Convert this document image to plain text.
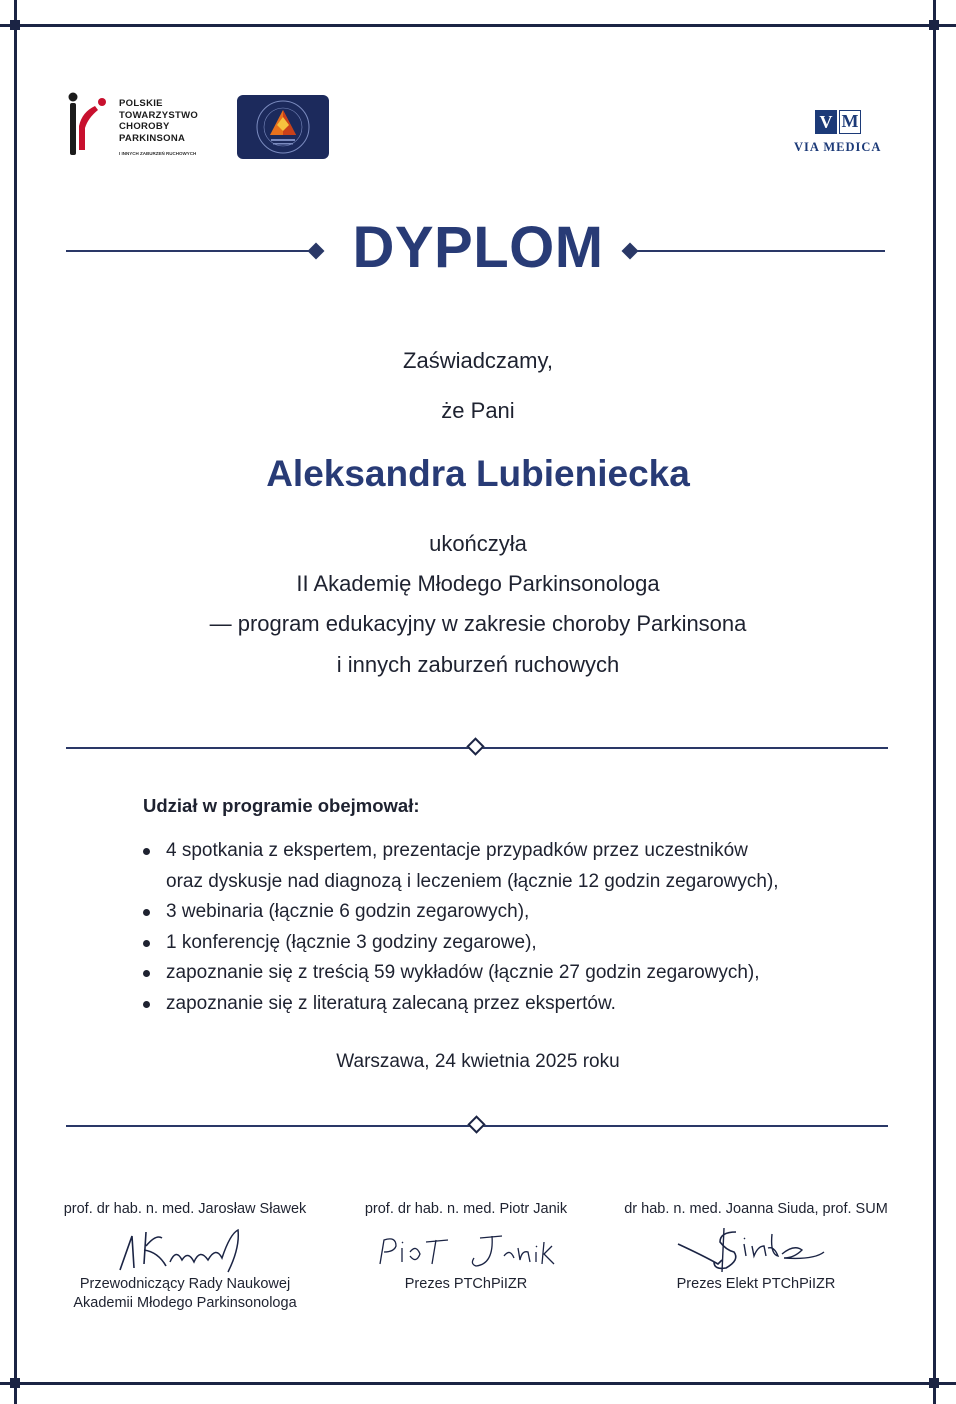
POLSKIE
TOWARZYSTWO
CHOROBY
PARKINSONA
I INNYCH ZABURZEŃ RUCHOWYCH
V M
VIA MEDICA
DYPLOM
Zaświadczamy,
że Pani
Aleksandra Lubieniecka
ukończyła
II Akademię Młodego Parkinsonologa
— program edukacyjny w zakresie choroby Parkinsona
i innych zaburzeń ruchowych
Udział w programie obejmował:
4 spotkania z ekspertem, prezentacje przypadków przez uczestników
oraz dyskusje nad diagnozą i leczeniem (łącznie 12 godzin zegarowych),
3 webinaria (łącznie 6 godzin zegarowych),
1 konferencję (łącznie 3 godziny zegarowe),
zapoznanie się z treścią 59 wykładów (łącznie 27 godzin zegarowych),
zapoznanie się z literaturą zalecaną przez ekspertów.
Warszawa, 24 kwietnia 2025 roku
prof. dr hab. n. med. Jarosław Sławek	prof. dr hab. n. med. Piotr Janik	dr hab. n. med. Joanna Siuda, prof. SUM
Przewodniczący Rady Naukowej
Akademii Młodego Parkinsonologa
Prezes PTChPiIZR	Prezes Elekt PTChPiIZR
